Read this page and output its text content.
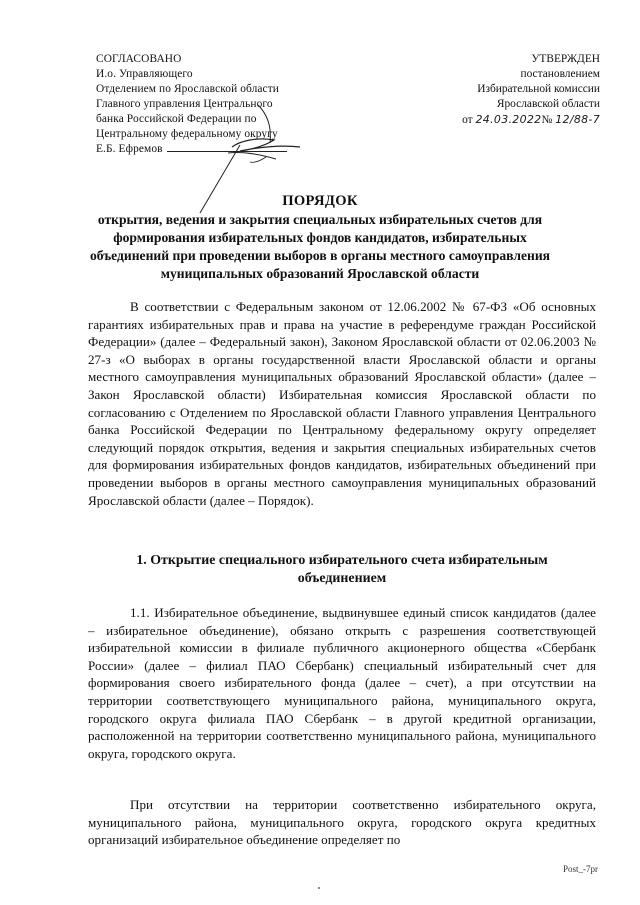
СОГЛАСОВАНО
И.о. Управляющего
Отделением по Ярославской области
Главного управления Центрального
банка Российской Федерации по
Центральному федеральному округу
Е.Б. Ефремов
УТВЕРЖДЕН
постановлением
Избирательной комиссии
Ярославской области
от 24.03.2022№ 12/88-7
ПОРЯДОК
открытия, ведения и закрытия специальных избирательных счетов для формирования избирательных фондов кандидатов, избирательных объединений при проведении выборов в органы местного самоуправления муниципальных образований Ярославской области

В соответствии с Федеральным законом от 12.06.2002 № 67-ФЗ «Об основных гарантиях избирательных прав и права на участие в референдуме граждан Российской Федерации» (далее – Федеральный закон), Законом Ярославской области от 02.06.2003 № 27-з «О выборах в органы государственной власти Ярославской области и органы местного самоуправления муниципальных образований Ярославской области» (далее – Закон Ярославской области) Избирательная комиссия Ярославской области по согласованию с Отделением по Ярославской области Главного управления Центрального банка Российской Федерации по Центральному федеральному округу определяет следующий порядок открытия, ведения и закрытия специальных избирательных счетов для формирования избирательных фондов кандидатов, избирательных объединений при проведении выборов в органы местного самоуправления муниципальных образований Ярославской области (далее – Порядок).

1. Открытие специального избирательного счета избирательным объединением

1.1. Избирательное объединение, выдвинувшее единый список кандидатов (далее – избирательное объединение), обязано открыть с разрешения соответствующей избирательной комиссии в филиале публичного акционерного общества «Сбербанк России» (далее – филиал ПАО Сбербанк) специальный избирательный счет для формирования своего избирательного фонда (далее – счет), а при отсутствии на территории соответствующего муниципального района, муниципального округа, городского округа филиала ПАО Сбербанк – в другой кредитной организации, расположенной на территории соответственно муниципального района, муниципального округа, городского округа.

При отсутствии на территории соответственно избирательного округа, муниципального района, муниципального округа, городского округа кредитных организаций избирательное объединение определяет по

Post_-7pr
